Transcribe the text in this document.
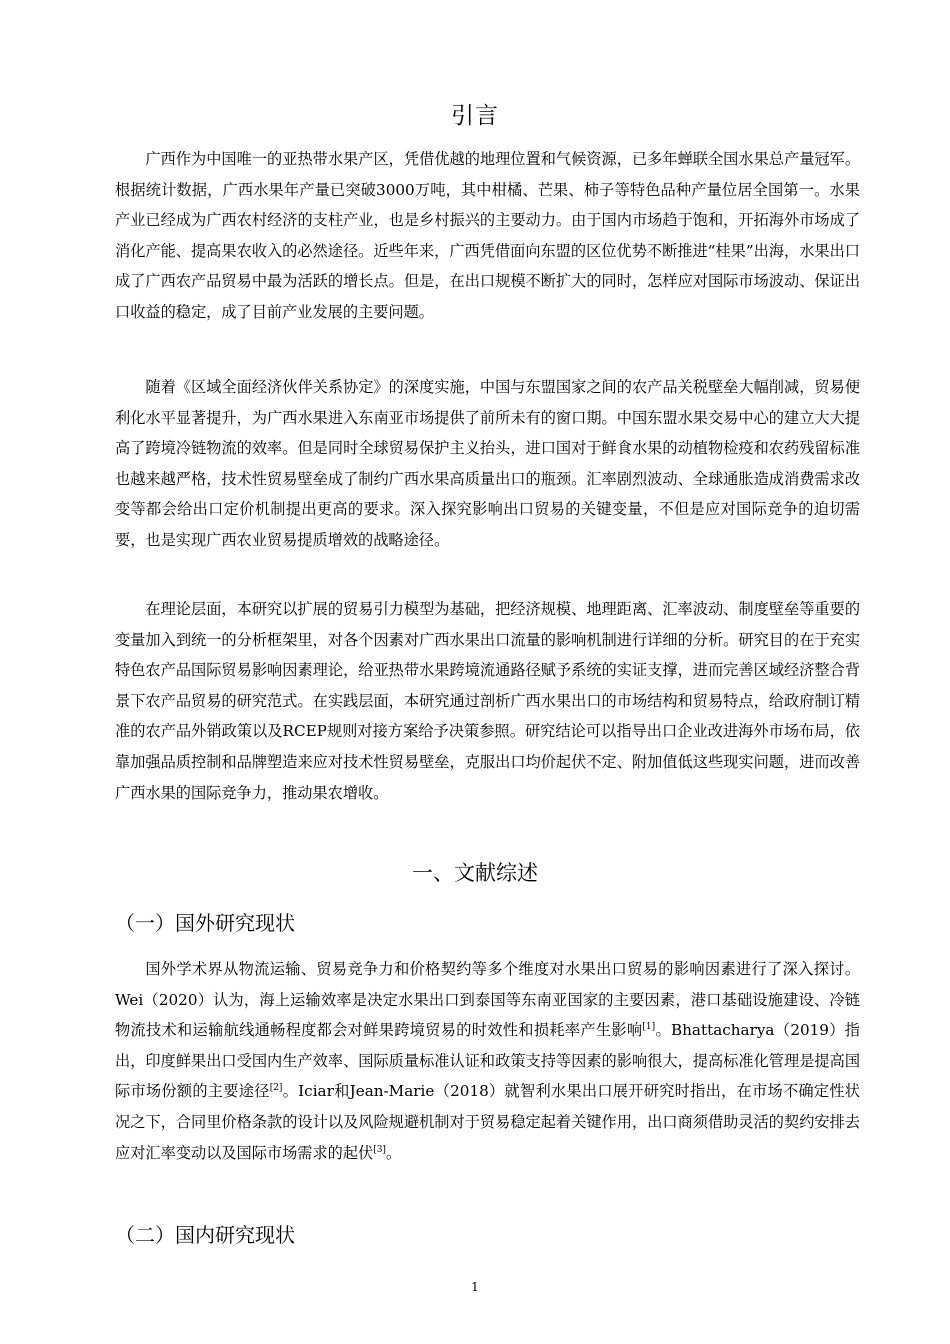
引言

广西作为中国唯一的亚热带水果产区，凭借优越的地理位置和气候资源，已多年蝉联全国水果总产量冠军。根据统计数据，广西水果年产量已突破3000万吨，其中柑橘、芒果、柿子等特色品种产量位居全国第一。水果产业已经成为广西农村经济的支柱产业，也是乡村振兴的主要动力。由于国内市场趋于饱和，开拓海外市场成了消化产能、提高果农收入的必然途径。近些年来，广西凭借面向东盟的区位优势不断推进“桂果”出海，水果出口成了广西农产品贸易中最为活跃的增长点。但是，在出口规模不断扩大的同时，怎样应对国际市场波动、保证出口收益的稳定，成了目前产业发展的主要问题。

随着《区域全面经济伙伴关系协定》的深度实施，中国与东盟国家之间的农产品关税壁垒大幅削减，贸易便利化水平显著提升，为广西水果进入东南亚市场提供了前所未有的窗口期。中国东盟水果交易中心的建立大大提高了跨境冷链物流的效率。但是同时全球贸易保护主义抬头，进口国对于鲜食水果的动植物检疫和农药残留标准也越来越严格，技术性贸易壁垒成了制约广西水果高质量出口的瓶颈。汇率剧烈波动、全球通胀造成消费需求改变等都会给出口定价机制提出更高的要求。深入探究影响出口贸易的关键变量，不但是应对国际竞争的迫切需要，也是实现广西农业贸易提质增效的战略途径。

在理论层面，本研究以扩展的贸易引力模型为基础，把经济规模、地理距离、汇率波动、制度壁垒等重要的变量加入到统一的分析框架里，对各个因素对广西水果出口流量的影响机制进行详细的分析。研究目的在于充实特色农产品国际贸易影响因素理论，给亚热带水果跨境流通路径赋予系统的实证支撑，进而完善区域经济整合背景下农产品贸易的研究范式。在实践层面，本研究通过剖析广西水果出口的市场结构和贸易特点，给政府制订精准的农产品外销政策以及RCEP规则对接方案给予决策参照。研究结论可以指导出口企业改进海外市场布局，依靠加强品质控制和品牌塑造来应对技术性贸易壁垒，克服出口均价起伏不定、附加值低这些现实问题，进而改善广西水果的国际竞争力，推动果农增收。

一、文献综述
（一）国外研究现状

国外学术界从物流运输、贸易竞争力和价格契约等多个维度对水果出口贸易的影响因素进行了深入探讨。Wei（2020）认为，海上运输效率是决定水果出口到泰国等东南亚国家的主要因素，港口基础设施建设、冷链物流技术和运输航线通畅程度都会对鲜果跨境贸易的时效性和损耗率产生影响[1]。Bhattacharya（2019）指出，印度鲜果出口受国内生产效率、国际质量标准认证和政策支持等因素的影响很大，提高标准化管理是提高国际市场份额的主要途径[2]。Iciar和Jean-Marie（2018）就智利水果出口展开研究时指出，在市场不确定性状况之下，合同里价格条款的设计以及风险规避机制对于贸易稳定起着关键作用，出口商须借助灵活的契约安排去应对汇率变动以及国际市场需求的起伏[3]。

（二）国内研究现状
1
